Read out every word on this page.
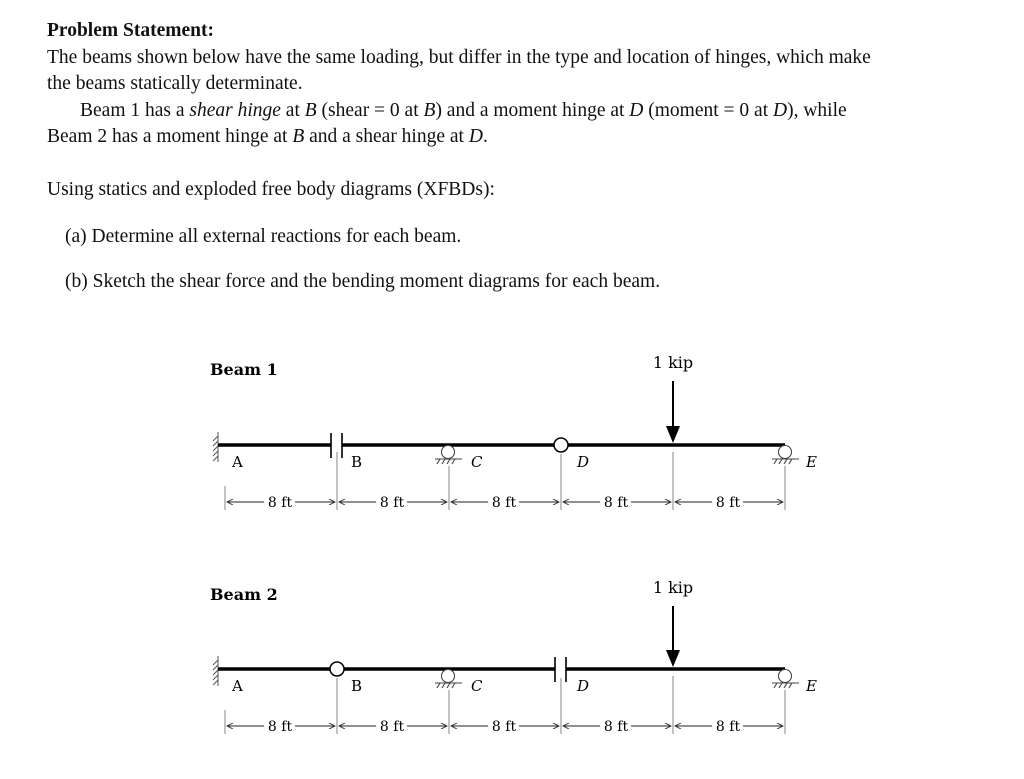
Problem Statement:
The beams shown below have the same loading, but differ in the type and location of hinges, which make
the beams statically determinate.
Beam 1 has a shear hinge at B (shear = 0 at B) and a moment hinge at D (moment = 0 at D), while
Beam 2 has a moment hinge at B and a shear hinge at D.
Using statics and exploded free body diagrams (XFBDs):
(a) Determine all external reactions for each beam.
(b) Sketch the shear force and the bending moment diagrams for each beam.
Beam 1	1 kip
A	B	C	D	E
8 ft	8 ft	8 ft	8 ft	8 ft
Beam 2	1 kip
A	B	C	D	E
8 ft	8 ft	8 ft	8 ft	8 ft
